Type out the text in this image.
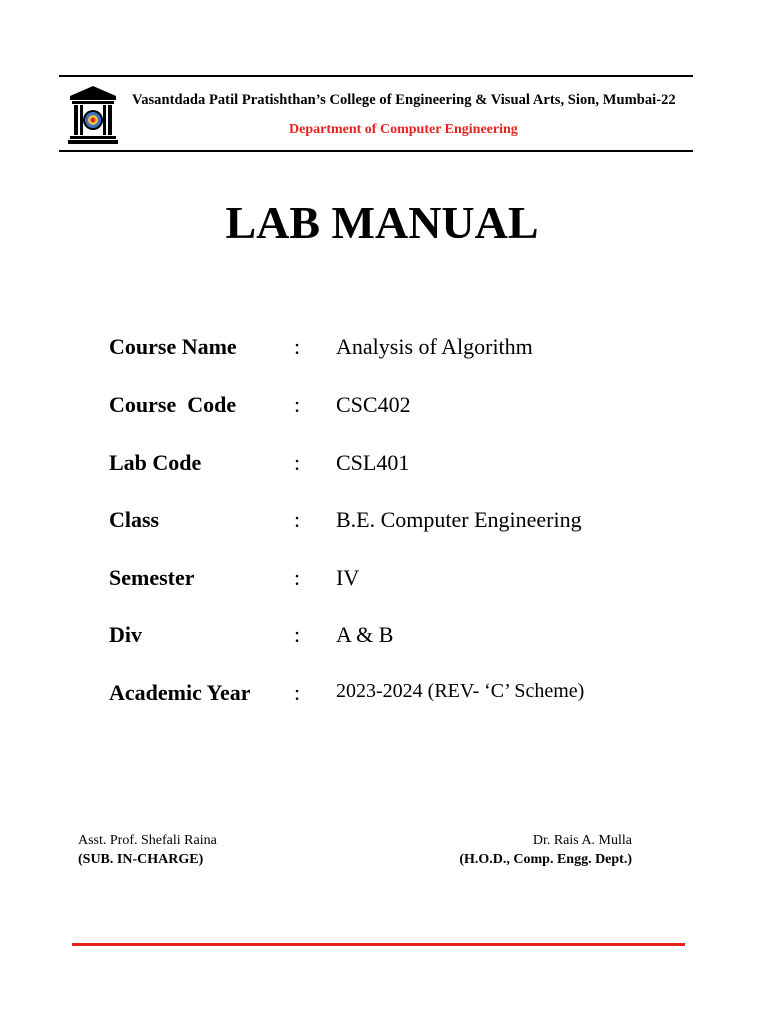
Vasantdada Patil Pratishthan’s College of Engineering & Visual Arts, Sion, Mumbai-22
Department of Computer Engineering
LAB MANUAL
Course Name	: Analysis of Algorithm
Course  Code	: CSC402
Lab Code	: CSL401
Class	: B.E. Computer Engineering
Semester	: IV
Div	: A & B
Academic Year : 2023-2024 (REV- ‘C’ Scheme)
Asst. Prof. Shefali Raina
(SUB. IN-CHARGE)
Dr. Rais A. Mulla
(H.O.D., Comp. Engg. Dept.)
